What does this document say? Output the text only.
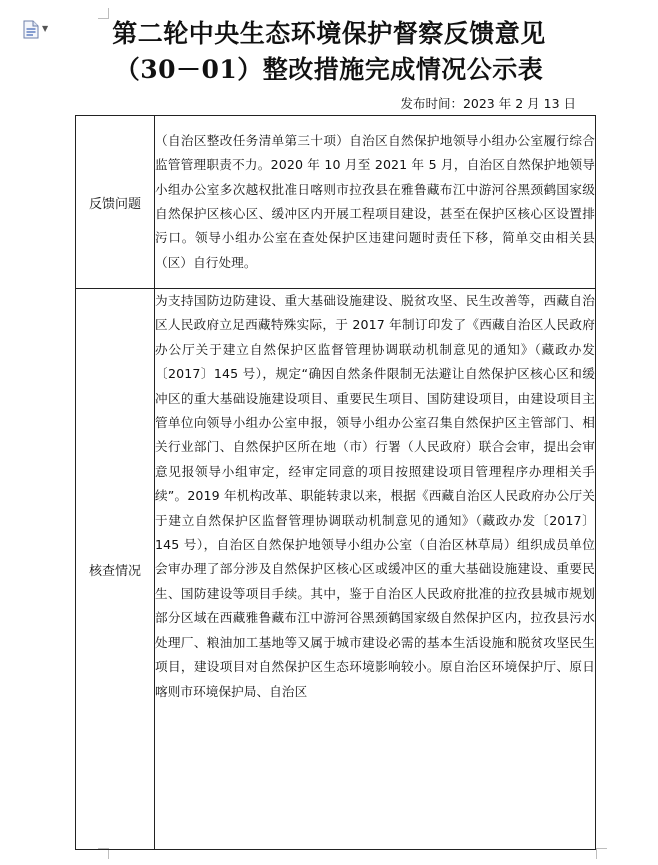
▼	第二轮中央生态环境保护督察反馈意见
（30－01）整改措施完成情况公示表
发布时间：2023 年 2 月 13 日
反馈问题	（自治区整改任务清单第三十项）自治区自然保护地领导小组办公室履行综合监管管理职责不力。2020 年 10 月至 2021 年 5 月，自治区自然保护地领导小组办公室多次越权批准日喀则市拉孜县在雅鲁藏布江中游河谷黑颈鹤国家级自然保护区核心区、缓冲区内开展工程项目建设，甚至在保护区核心区设置排污口。领导小组办公室在查处保护区违建问题时责任下移，简单交由相关县（区）自行处理。
核查情况	为支持国防边防建设、重大基础设施建设、脱贫攻坚、民生改善等，西藏自治区人民政府立足西藏特殊实际，于 2017 年制订印发了《西藏自治区人民政府办公厅关于建立自然保护区监督管理协调联动机制意见的通知》（藏政办发〔2017〕145 号），规定“确因自然条件限制无法避让自然保护区核心区和缓冲区的重大基础设施建设项目、重要民生项目、国防建设项目，由建设项目主管单位向领导小组办公室申报，领导小组办公室召集自然保护区主管部门、相关行业部门、自然保护区所在地（市）行署（人民政府）联合会审，提出会审意见报领导小组审定，经审定同意的项目按照建设项目管理程序办理相关手续”。2019 年机构改革、职能转隶以来，根据《西藏自治区人民政府办公厅关于建立自然保护区监督管理协调联动机制意见的通知》（藏政办发〔2017〕145 号），自治区自然保护地领导小组办公室（自治区林草局）组织成员单位会审办理了部分涉及自然保护区核心区或缓冲区的重大基础设施建设、重要民生、国防建设等项目手续。其中，鉴于自治区人民政府批准的拉孜县城市规划部分区域在西藏雅鲁藏布江中游河谷黑颈鹤国家级自然保护区内，拉孜县污水处理厂、粮油加工基地等又属于城市建设必需的基本生活设施和脱贫攻坚民生项目，建设项目对自然保护区生态环境影响较小。原自治区环境保护厅、原日喀则市环境保护局、自治区
